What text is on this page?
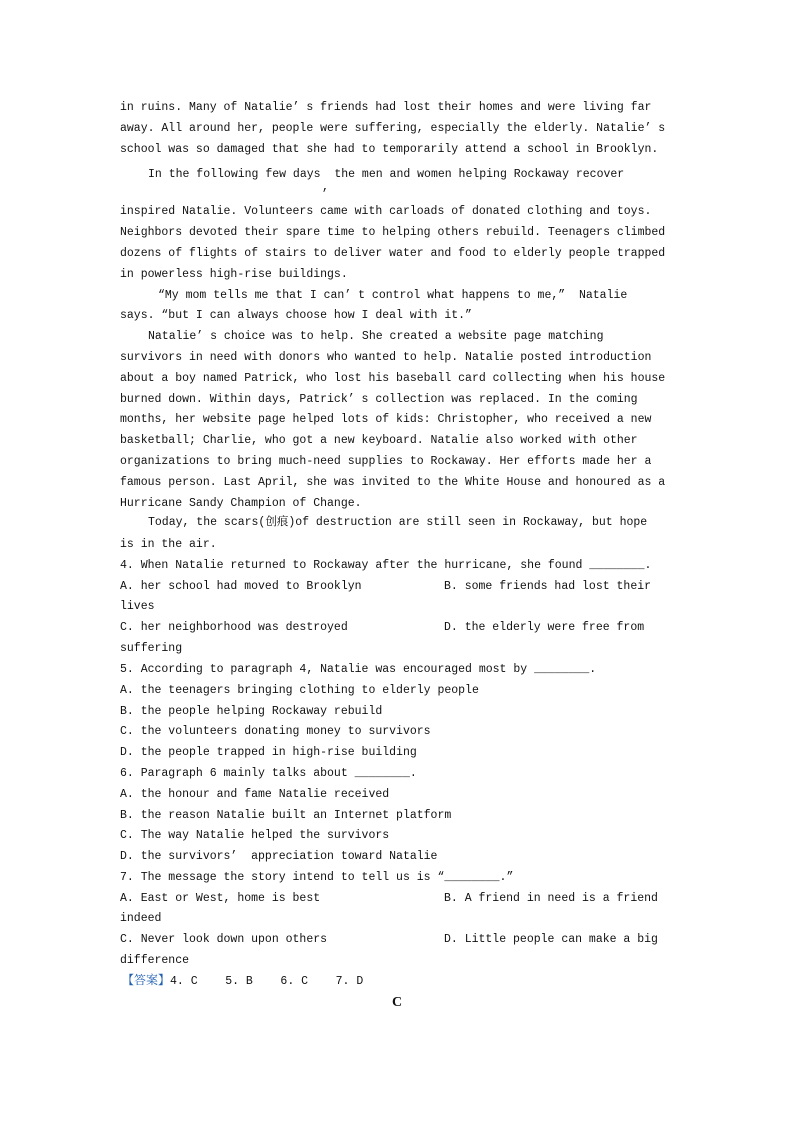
in ruins. Many of Natalie’ s friends had lost their homes and were living far
away. All around her, people were suffering, especially the elderly. Natalie’ s
school was so damaged that she had to temporarily attend a school in Brooklyn.
In the following few days  the men and women helping Rockaway recover
,
inspired Natalie. Volunteers came with carloads of donated clothing and toys.
Neighbors devoted their spare time to helping others rebuild. Teenagers climbed
dozens of flights of stairs to deliver water and food to elderly people trapped
in powerless high-rise buildings.
“My mom tells me that I can’ t control what happens to me,”  Natalie
says. “but I can always choose how I deal with it.”
Natalie’ s choice was to help. She created a website page matching
survivors in need with donors who wanted to help. Natalie posted introduction
about a boy named Patrick, who lost his baseball card collecting when his house
burned down. Within days, Patrick’ s collection was replaced. In the coming
months, her website page helped lots of kids: Christopher, who received a new
basketball; Charlie, who got a new keyboard. Natalie also worked with other
organizations to bring much-need supplies to Rockaway. Her efforts made her a
famous person. Last April, she was invited to the White House and honoured as a
Hurricane Sandy Champion of Change.
Today, the scars(创痕)of destruction are still seen in Rockaway, but hope
is in the air.
4. When Natalie returned to Rockaway after the hurricane, she found ________.
A. her school had moved to Brooklyn	B. some friends had lost their
lives
C. her neighborhood was destroyed	D. the elderly were free from
suffering
5. According to paragraph 4, Natalie was encouraged most by ________.
A. the teenagers bringing clothing to elderly people
B. the people helping Rockaway rebuild
C. the volunteers donating money to survivors
D. the people trapped in high-rise building
6. Paragraph 6 mainly talks about ________.
A. the honour and fame Natalie received
B. the reason Natalie built an Internet platform
C. The way Natalie helped the survivors
D. the survivors’  appreciation toward Natalie
7. The message the story intend to tell us is “________.”
A. East or West, home is best	B. A friend in need is a friend
indeed
C. Never look down upon others	D. Little people can make a big
difference
【答案】4. C    5. B    6. C    7. D
C
